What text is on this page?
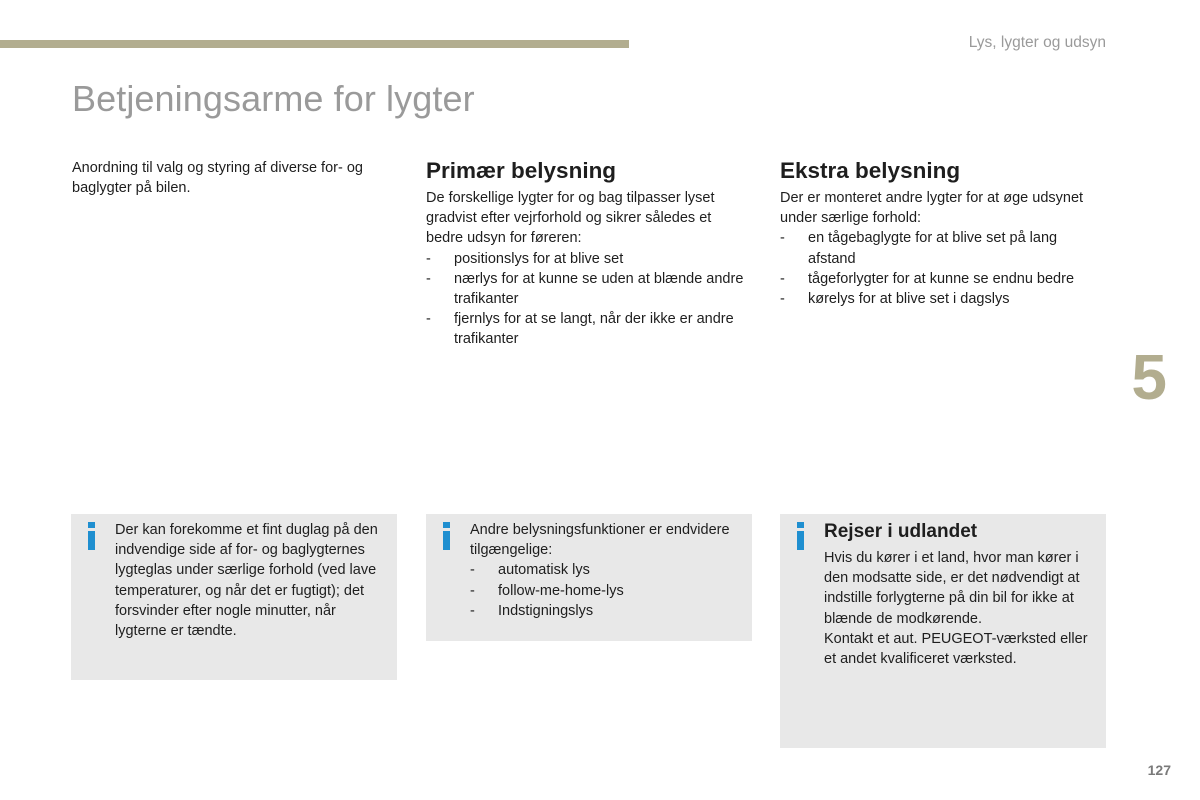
Lys, lygter og udsyn
Betjeningsarme for lygter

Anordning til valg og styring af diverse for- og baglygter på bilen.

Primær belysning

De forskellige lygter for og bag tilpasser lyset gradvist efter vejrforhold og sikrer således et bedre udsyn for føreren:

- positionslys for at blive set
- nærlys for at kunne se uden at blænde andre trafikanter
- fjernlys for at se langt, når der ikke er andre trafikanter
Ekstra belysning

Der er monteret andre lygter for at øge udsynet under særlige forhold:

- en tågebaglygte for at blive set på lang afstand
- tågeforlygter for at kunne se endnu bedre
- kørelys for at blive set i dagslys

Der kan forekomme et fint duglag på den indvendige side af for- og baglygternes lygteglas under særlige forhold (ved lave temperaturer, og når det er fugtigt); det forsvinder efter nogle minutter, når lygterne er tændte.

Andre belysningsfunktioner er endvidere tilgængelige:

- automatisk lys
- follow-me-home-lys
- Indstigningslys
Rejser i udlandet

Hvis du kører i et land, hvor man kører i den modsatte side, er det nødvendigt at indstille forlygterne på din bil for ikke at blænde de modkørende.

Kontakt et aut. PEUGEOT-værksted eller et andet kvalificeret værksted.

5
127
